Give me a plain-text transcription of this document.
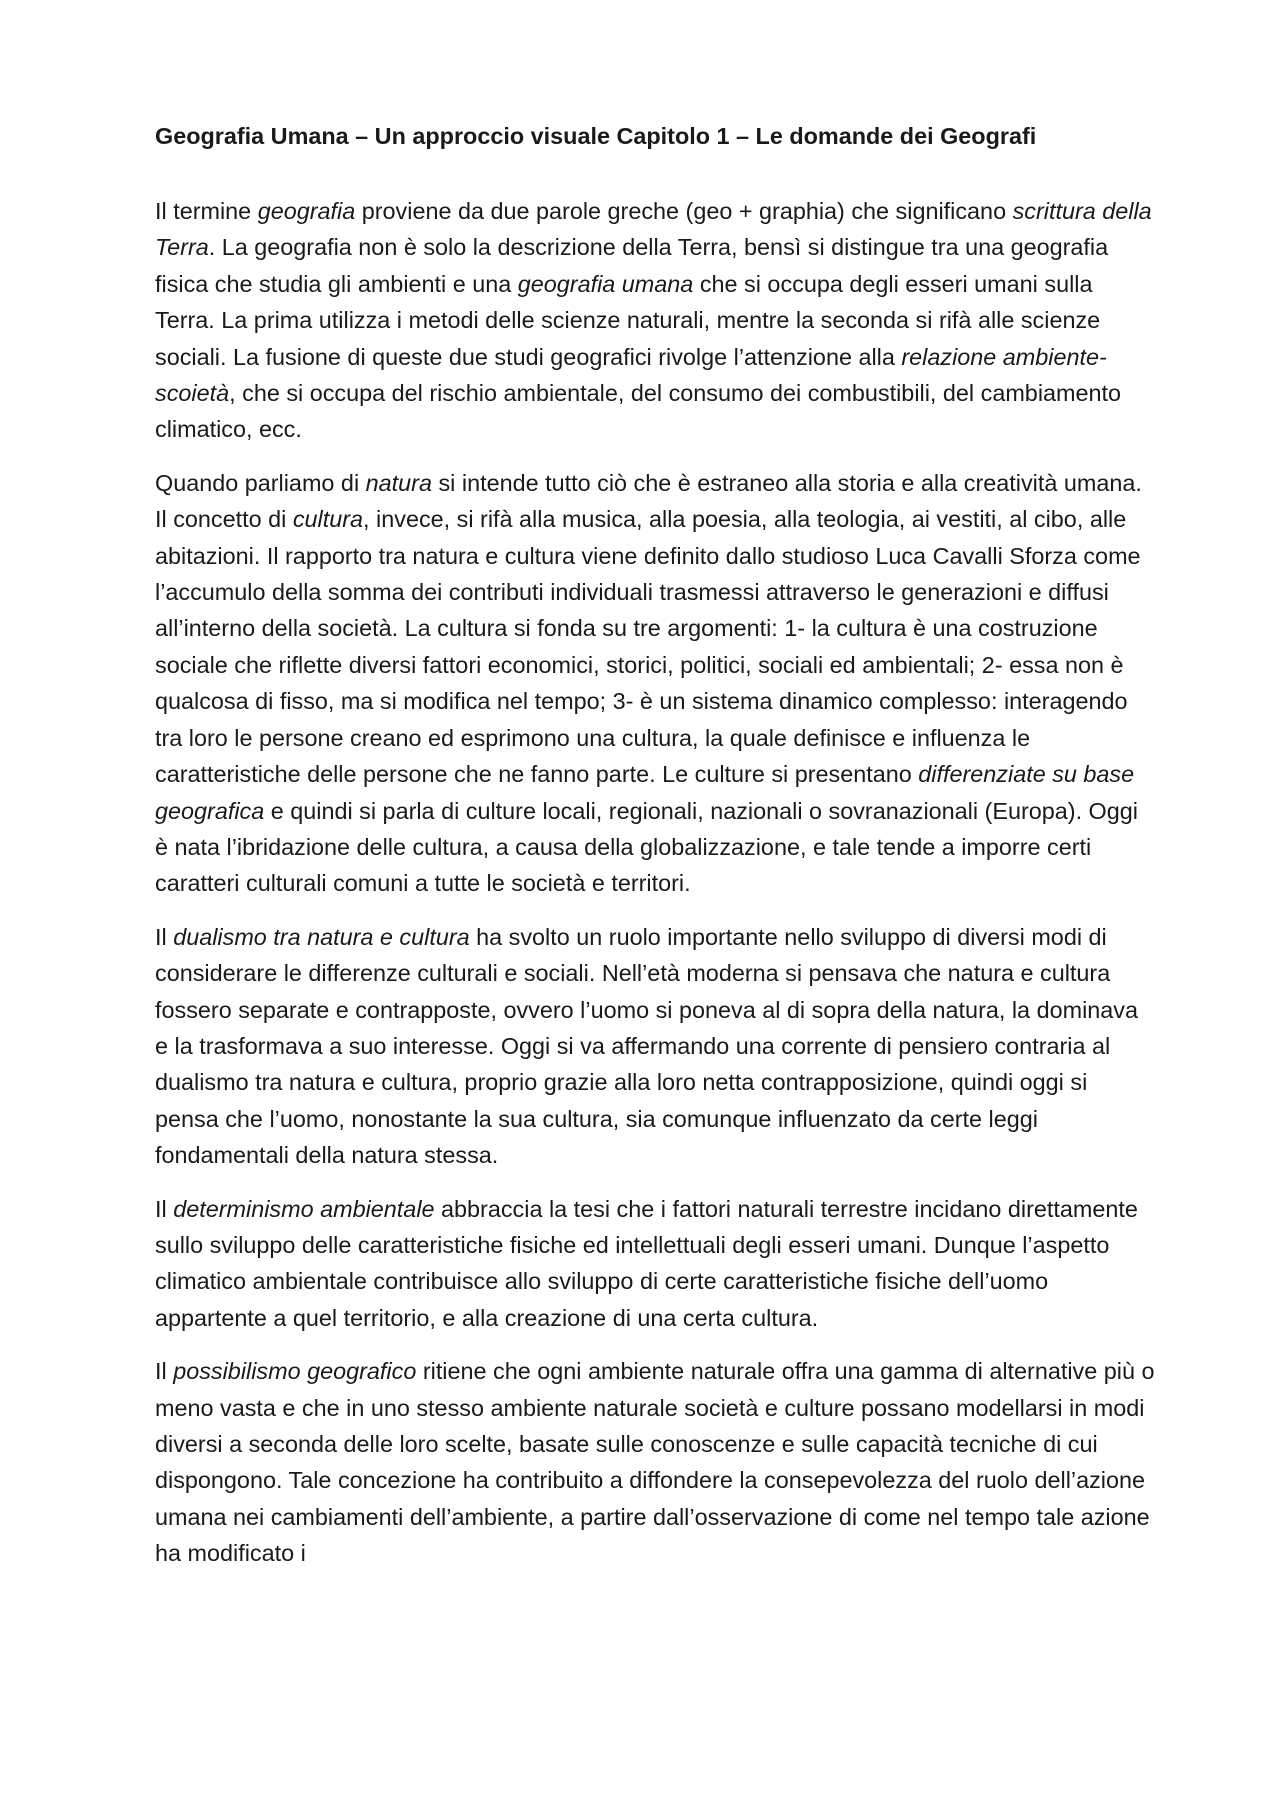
Geografia Umana – Un approccio visuale Capitolo 1 – Le domande dei Geografi

Il termine geografia proviene da due parole greche (geo + graphia) che significano scrittura della Terra. La geografia non è solo la descrizione della Terra, bensì si distingue tra una geografia fisica che studia gli ambienti e una geografia umana che si occupa degli esseri umani sulla Terra. La prima utilizza i metodi delle scienze naturali, mentre la seconda si rifà alle scienze sociali. La fusione di queste due studi geografici rivolge l’attenzione alla relazione ambiente-scoietà, che si occupa del rischio ambientale, del consumo dei combustibili, del cambiamento climatico, ecc.

Quando parliamo di natura si intende tutto ciò che è estraneo alla storia e alla creatività umana. Il concetto di cultura, invece, si rifà alla musica, alla poesia, alla teologia, ai vestiti, al cibo, alle abitazioni. Il rapporto tra natura e cultura viene definito dallo studioso Luca Cavalli Sforza come l’accumulo della somma dei contributi individuali trasmessi attraverso le generazioni e diffusi all’interno della società. La cultura si fonda su tre argomenti: 1- la cultura è una costruzione sociale che riflette diversi fattori economici, storici, politici, sociali ed ambientali; 2- essa non è qualcosa di fisso, ma si modifica nel tempo; 3- è un sistema dinamico complesso: interagendo tra loro le persone creano ed esprimono una cultura, la quale definisce e influenza le caratteristiche delle persone che ne fanno parte. Le culture si presentano differenziate su base geografica e quindi si parla di culture locali, regionali, nazionali o sovranazionali (Europa). Oggi è nata l’ibridazione delle cultura, a causa della globalizzazione, e tale tende a imporre certi caratteri culturali comuni a tutte le società e territori.

Il dualismo tra natura e cultura ha svolto un ruolo importante nello sviluppo di diversi modi di considerare le differenze culturali e sociali. Nell’età moderna si pensava che natura e cultura fossero separate e contrapposte, ovvero l’uomo si poneva al di sopra della natura, la dominava e la trasformava a suo interesse. Oggi si va affermando una corrente di pensiero contraria al dualismo tra natura e cultura, proprio grazie alla loro netta contrapposizione, quindi oggi si pensa che l’uomo, nonostante la sua cultura, sia comunque influenzato da certe leggi fondamentali della natura stessa.

Il determinismo ambientale abbraccia la tesi che i fattori naturali terrestre incidano direttamente sullo sviluppo delle caratteristiche fisiche ed intellettuali degli esseri umani. Dunque l’aspetto climatico ambientale contribuisce allo sviluppo di certe caratteristiche fisiche dell’uomo appartente a quel territorio, e alla creazione di una certa cultura.

Il possibilismo geografico ritiene che ogni ambiente naturale offra una gamma di alternative più o meno vasta e che in uno stesso ambiente naturale società e culture possano modellarsi in modi diversi a seconda delle loro scelte, basate sulle conoscenze e sulle capacità tecniche di cui dispongono. Tale concezione ha contribuito a diffondere la consepevolezza del ruolo dell’azione umana nei cambiamenti dell’ambiente, a partire dall’osservazione di come nel tempo tale azione ha modificato i
